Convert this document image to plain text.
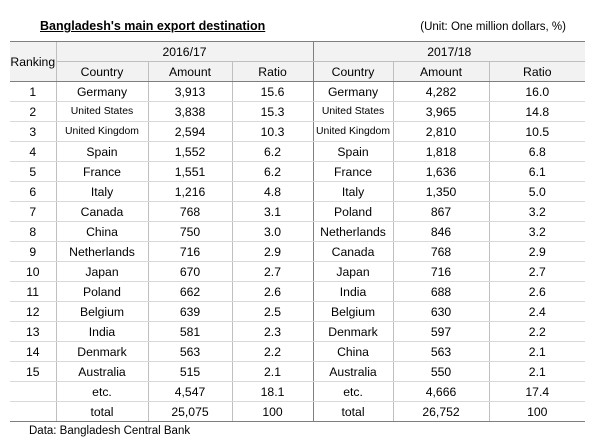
Bangladesh's main export destination	(Unit: One million dollars, %)
Ranking	2016/17			2017/18		
	Country	Amount	Ratio	Country	Amount	Ratio
1	Germany	3,913	15.6	Germany	4,282	16.0
2	United States	3,838	15.3	United States	3,965	14.8
3	United Kingdom	2,594	10.3	United Kingdom	2,810	10.5
4	Spain	1,552	6.2	Spain	1,818	6.8
5	France	1,551	6.2	France	1,636	6.1
6	Italy	1,216	4.8	Italy	1,350	5.0
7	Canada	768	3.1	Poland	867	3.2
8	China	750	3.0	Netherlands	846	3.2
9	Netherlands	716	2.9	Canada	768	2.9
10	Japan	670	2.7	Japan	716	2.7
11	Poland	662	2.6	India	688	2.6
12	Belgium	639	2.5	Belgium	630	2.4
13	India	581	2.3	Denmark	597	2.2
14	Denmark	563	2.2	China	563	2.1
15	Australia	515	2.1	Australia	550	2.1
	etc.	4,547	18.1	etc.	4,666	17.4
	total	25,075	100	total	26,752	100
Data: Bangladesh Central Bank
